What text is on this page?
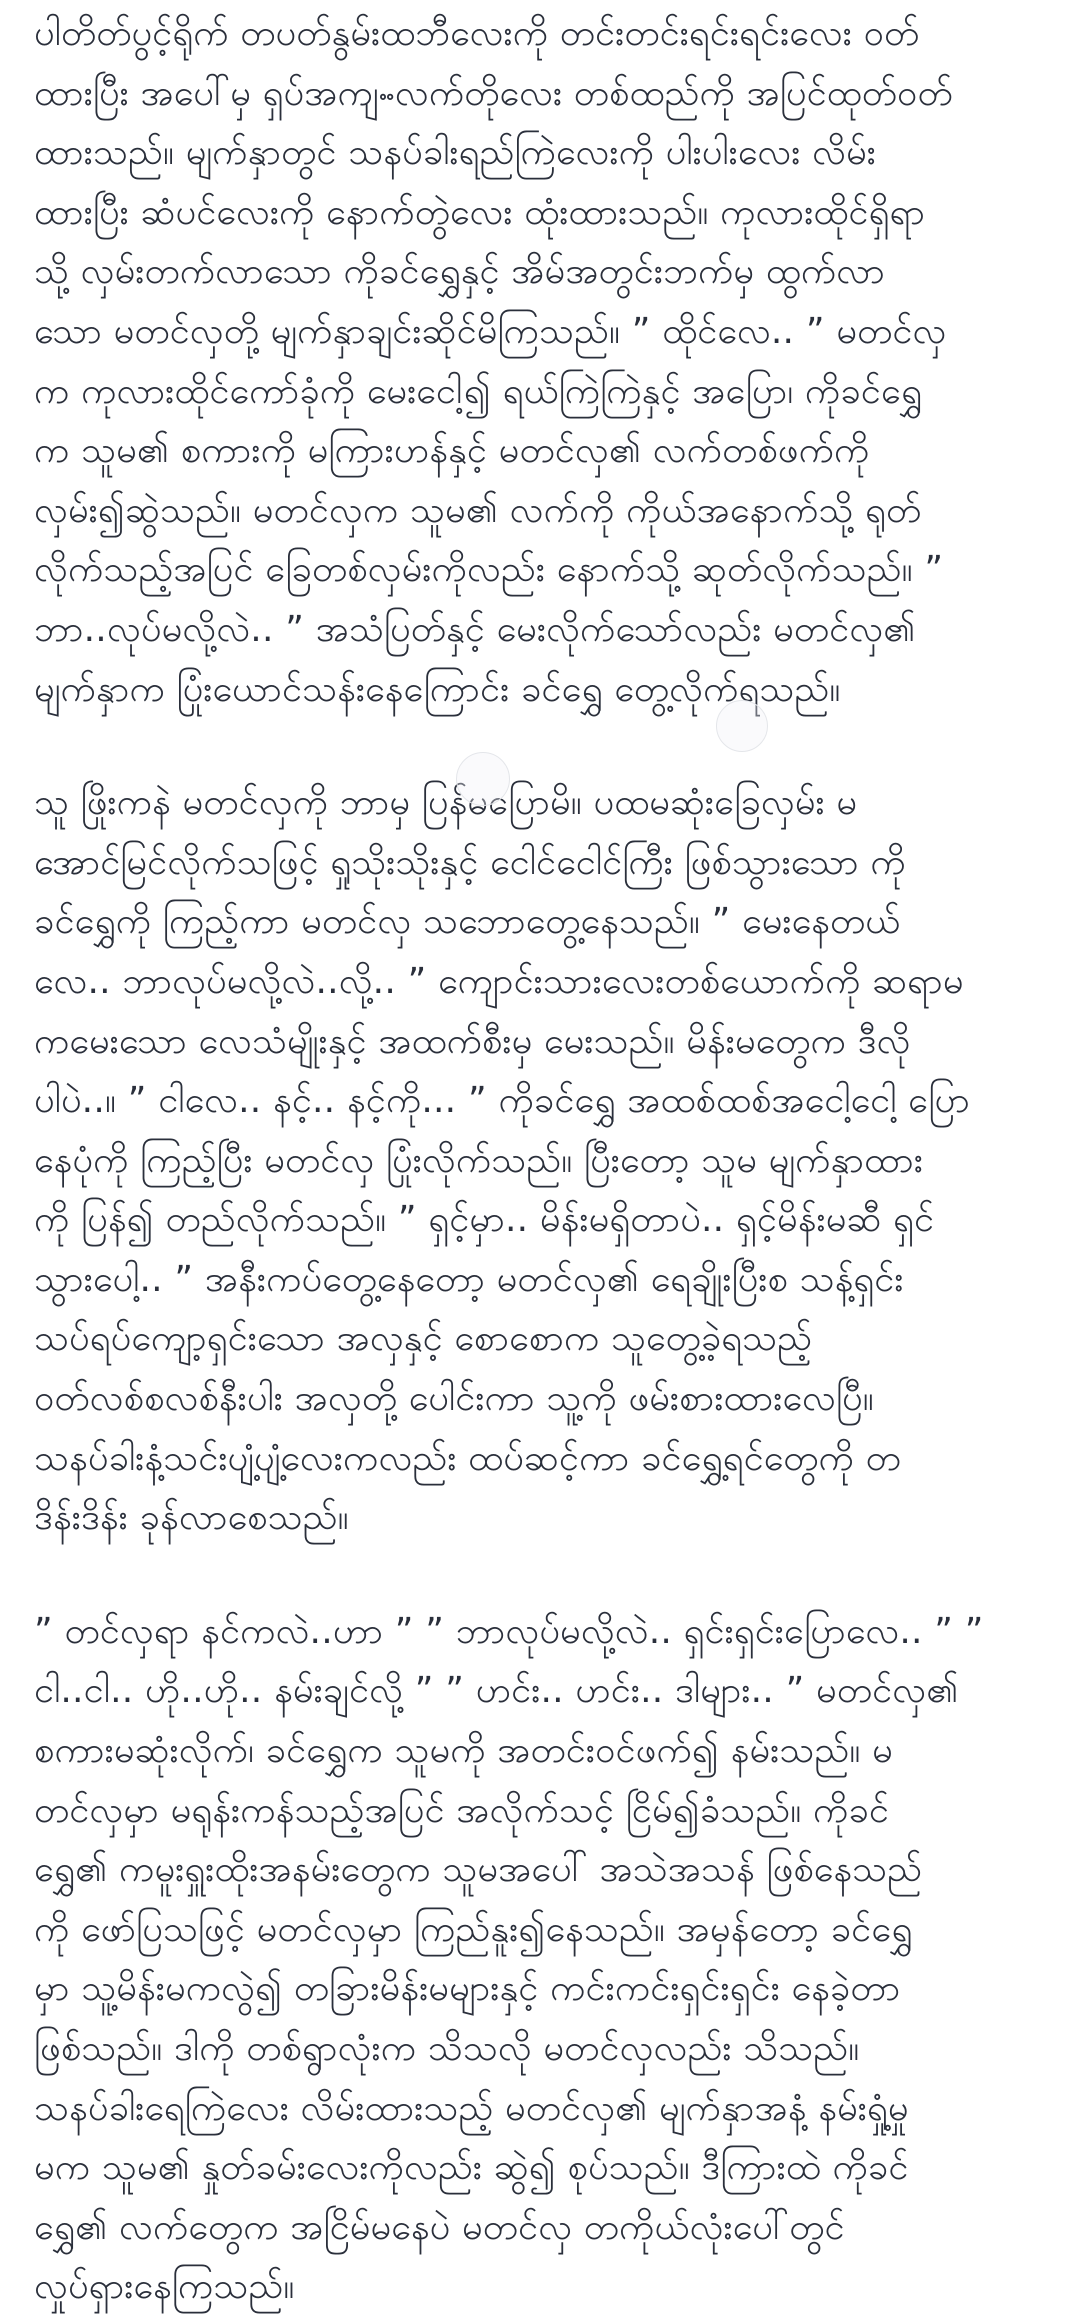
ပါတိတ်ပွင့်ရိုက် တပတ်နွမ်းထဘီလေးကို တင်းတင်းရင်းရင်းလေး ဝတ်
ထားပြီး အပေါ်မှ ရှပ်အကျႌလက်တိုလေး တစ်ထည်ကို အပြင်ထုတ်ဝတ်
ထားသည်။ မျက်နှာတွင် သနပ်ခါးရည်ကြဲလေးကို ပါးပါးလေး လိမ်း
ထားပြီး ဆံပင်လေးကို နောက်တွဲလေး ထုံးထားသည်။ ကုလားထိုင်ရှိရာ
သို့ လှမ်းတက်လာသော ကိုခင်ရွှေနှင့် အိမ်အတွင်းဘက်မှ ထွက်လာ
သော မတင်လှတို့ မျက်နှာချင်းဆိုင်မိကြသည်။ ” ထိုင်လေ.. ” မတင်လှ
က ကုလားထိုင်ကော်ခုံကို မေးငေါ့၍ ရယ်ကြဲကြဲနှင့် အပြော၊ ကိုခင်ရွှေ
က သူမ၏ စကားကို မကြားဟန်နှင့် မတင်လှ၏ လက်တစ်ဖက်ကို
လှမ်း၍ဆွဲသည်။ မတင်လှက သူမ၏ လက်ကို ကိုယ်အနောက်သို့ ရုတ်
လိုက်သည့်အပြင် ခြေတစ်လှမ်းကိုလည်း နောက်သို့ ဆုတ်လိုက်သည်။ ”
ဘာ..လုပ်မလို့လဲ.. ” အသံပြတ်နှင့် မေးလိုက်သော်လည်း မတင်လှ၏
မျက်နှာက ပြုံးယောင်သန်းနေကြောင်း ခင်ရွှေ တွေ့လိုက်ရသည်။

သူ ဖြိုးကနဲ မတင်လှကို ဘာမှ ပြန်မပြောမိ။ ပထမဆုံးခြေလှမ်း မ
အောင်မြင်လိုက်သဖြင့် ရှုသိုးသိုးနှင့် ငေါင်ငေါင်ကြီး ဖြစ်သွားသော ကို
ခင်ရွှေကို ကြည့်ကာ မတင်လှ သဘောတွေ့နေသည်။ ” မေးနေတယ်
လေ.. ဘာလုပ်မလို့လဲ..လို့.. ” ကျောင်းသားလေးတစ်ယောက်ကို ဆရာမ
ကမေးသော လေသံမျိုးနှင့် အထက်စီးမှ မေးသည်။ မိန်းမတွေက ဒီလို
ပါပဲ..။ ” ငါလေ.. နင့်.. နင့်ကို... ” ကိုခင်ရွှေ အထစ်ထစ်အငေါ့ငေါ့ ပြော
နေပုံကို ကြည့်ပြီး မတင်လှ ပြုံးလိုက်သည်။ ပြီးတော့ သူမ မျက်နှာထား
ကို ပြန်၍ တည်လိုက်သည်။ ” ရှင့်မှာ.. မိန်းမရှိတာပဲ.. ရှင့်မိန်းမဆီ ရှင်
သွားပေါ့.. ” အနီးကပ်တွေ့နေတော့ မတင်လှ၏ ရေချိုးပြီးစ သန့်ရှင်း
သပ်ရပ်ကျော့ရှင်းသော အလှနှင့် စောစောက သူတွေ့ခဲ့ရသည့်
ဝတ်လစ်စလစ်နီးပါး အလှတို့ ပေါင်းကာ သူ့ကို ဖမ်းစားထားလေပြီ။
သနပ်ခါးနံ့သင်းပျံ့ပျံ့လေးကလည်း ထပ်ဆင့်ကာ ခင်ရွှေ့ရင်တွေကို တ
ဒိန်းဒိန်း ခုန်လာစေသည်။

” တင်လှရာ နင်ကလဲ..ဟာ ” ” ဘာလုပ်မလို့လဲ.. ရှင်းရှင်းပြောလေ.. ” ”
ငါ..ငါ.. ဟို..ဟို.. နမ်းချင်လို့ ” ” ဟင်း.. ဟင်း.. ဒါများ.. ” မတင်လှ၏
စကားမဆုံးလိုက်၊ ခင်ရွှေက သူမကို အတင်းဝင်ဖက်၍ နမ်းသည်။ မ
တင်လှမှာ မရုန်းကန်သည့်အပြင် အလိုက်သင့် ငြိမ်၍ခံသည်။ ကိုခင်
ရွှေ၏ ကမူးရှူးထိုးအနမ်းတွေက သူမအပေါ် အသဲအသန် ဖြစ်နေသည်
ကို ဖော်ပြသဖြင့် မတင်လှမှာ ကြည်နူး၍နေသည်။ အမှန်တော့ ခင်ရွှေ
မှာ သူ့မိန်းမကလွဲ၍ တခြားမိန်းမများနှင့် ကင်းကင်းရှင်းရှင်း နေခဲ့တာ
ဖြစ်သည်။ ဒါကို တစ်ရွာလုံးက သိသလို မတင်လှလည်း သိသည်။
သနပ်ခါးရေကြဲလေး လိမ်းထားသည့် မတင်လှ၏ မျက်နှာအနံ့ နမ်းရှုံ့မှု
မက သူမ၏ နှုတ်ခမ်းလေးကိုလည်း ဆွဲ၍ စုပ်သည်။ ဒီကြားထဲ ကိုခင်
ရွှေ၏ လက်တွေက အငြိမ်မနေပဲ မတင်လှ တကိုယ်လုံးပေါ်တွင်
လှုပ်ရှားနေကြသည်။
